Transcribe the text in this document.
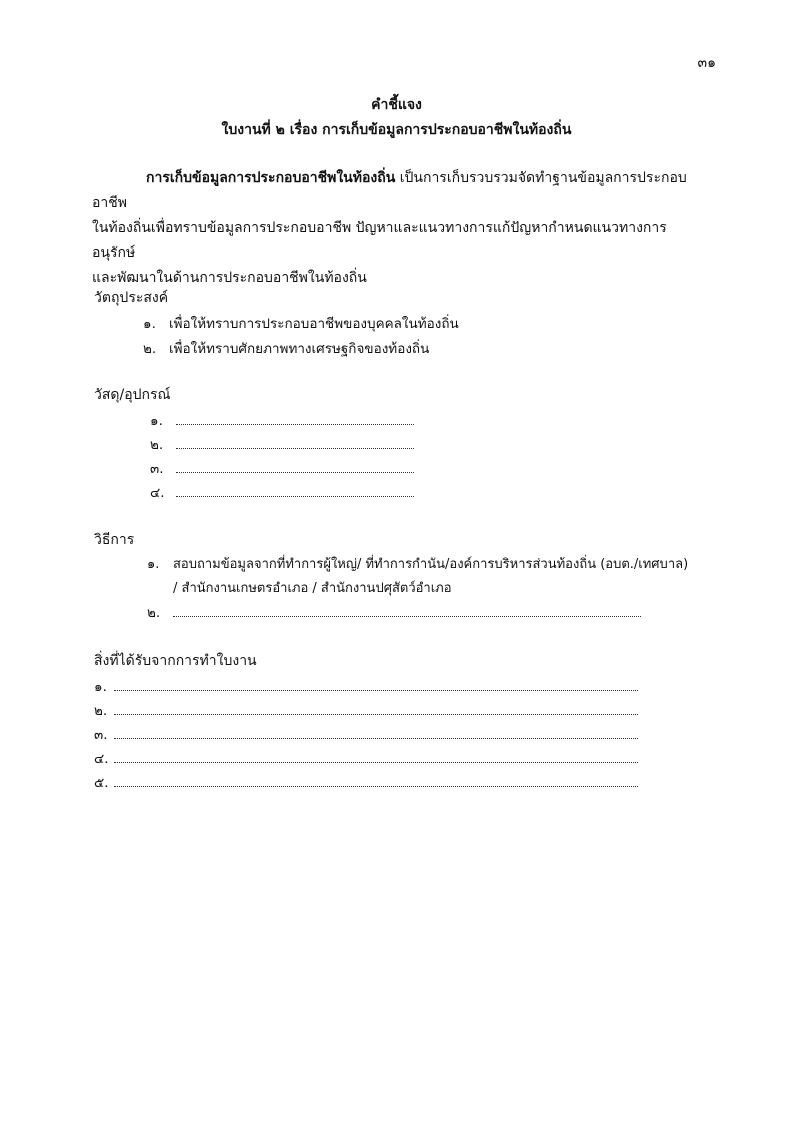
๓๑
คำชี้แจง
ใบงานที่ ๒ เรื่อง การเก็บข้อมูลการประกอบอาชีพในท้องถิ่น
การเก็บข้อมูลการประกอบอาชีพในท้องถิ่น เป็นการเก็บรวบรวมจัดทำฐานข้อมูลการประกอบอาชีพ
ในท้องถิ่นเพื่อทราบข้อมูลการประกอบอาชีพ ปัญหาและแนวทางการแก้ปัญหากำหนดแนวทางการอนุรักษ์
และพัฒนาในด้านการประกอบอาชีพในท้องถิ่น
วัตถุประสงค์
๑. เพื่อให้ทราบการประกอบอาชีพของบุคคลในท้องถิ่น
๒. เพื่อให้ทราบศักยภาพทางเศรษฐกิจของท้องถิ่น
วัสดุ/อุปกรณ์
๑.
๒.
๓.
๔.
วิธีการ
๑. สอบถามข้อมูลจากที่ทำการผู้ใหญ่/ ที่ทำการกำนัน/องค์การบริหารส่วนท้องถิ่น (อบต./เทศบาล)
/ สำนักงานเกษตรอำเภอ / สำนักงานปศุสัตว์อำเภอ
๒.
สิ่งที่ได้รับจากการทำใบงาน
๑.
๒.
๓.
๔.
๕.
